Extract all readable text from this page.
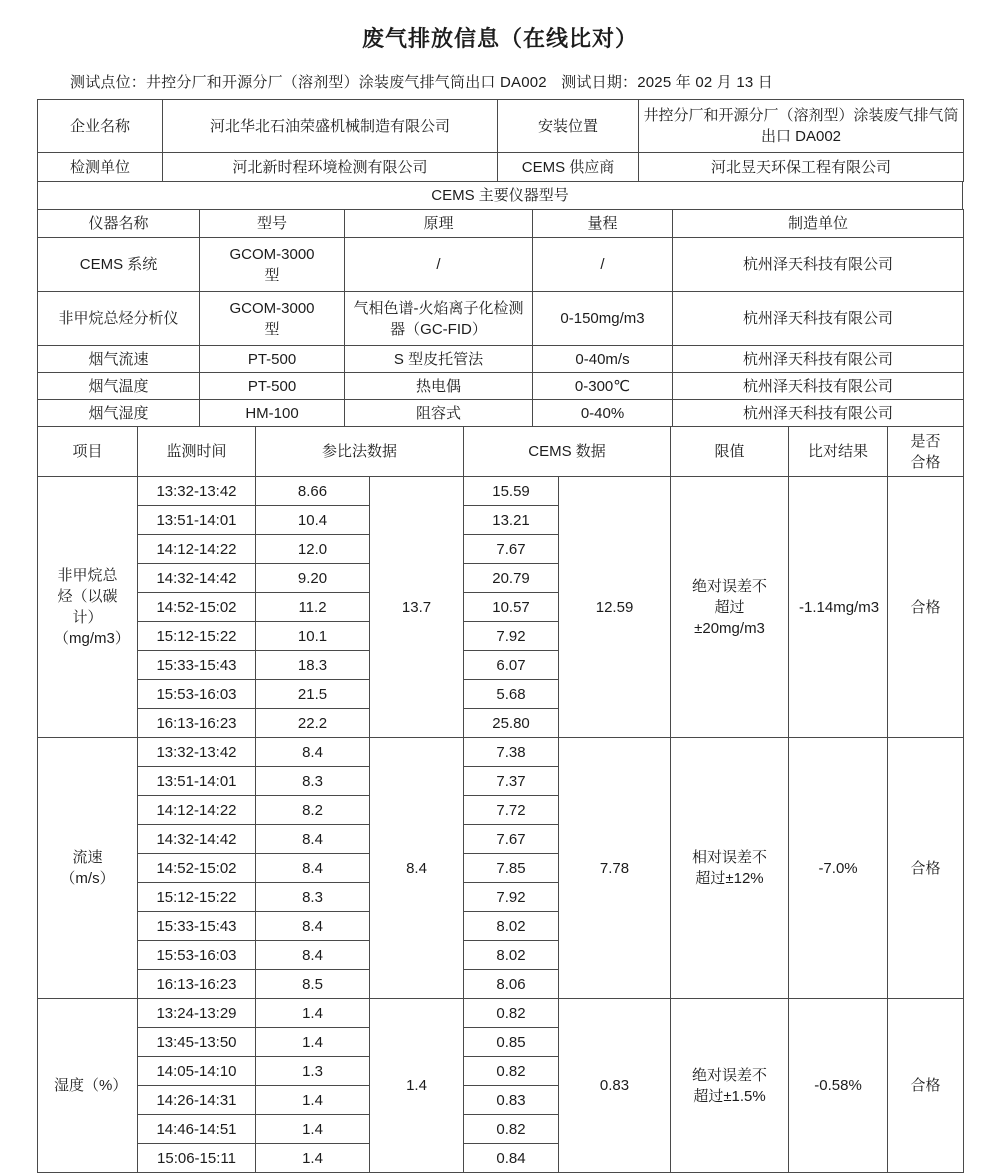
废气排放信息（在线比对）
测试点位：井控分厂和开源分厂（溶剂型）涂装废气排气筒出口 DA002 测试日期：2025 年 02 月 13 日
企业名称	河北华北石油荣盛机械制造有限公司	安装位置	井控分厂和开源分厂（溶剂型）涂装废气排气筒出口 DA002
检测单位	河北新时程环境检测有限公司	CEMS 供应商	河北昱天环保工程有限公司
CEMS 主要仪器型号
仪器名称	型号	原理	量程	制造单位
CEMS 系统	GCOM-3000 型	/	/	杭州泽天科技有限公司
非甲烷总烃分析仪	GCOM-3000 型	气相色谱-火焰离子化检测器（GC-FID）	0-150mg/m3	杭州泽天科技有限公司
烟气流速	PT-500	S 型皮托管法	0-40m/s	杭州泽天科技有限公司
烟气温度	PT-500	热电偶	0-300℃	杭州泽天科技有限公司
烟气湿度	HM-100	阻容式	0-40%	杭州泽天科技有限公司
项目	监测时间	参比法数据		CEMS 数据		限值	比对结果	是否合格
非甲烷总烃（以碳计）（mg/m3）	13:32-13:42	8.66	13.7	15.59	12.59	绝对误差不超过±20mg/m3	-1.14mg/m3	合格
	13:51-14:01	10.4		13.21				
	14:12-14:22	12.0		7.67				
	14:32-14:42	9.20		20.79				
	14:52-15:02	11.2		10.57				
	15:12-15:22	10.1		7.92				
	15:33-15:43	18.3		6.07				
	15:53-16:03	21.5		5.68				
	16:13-16:23	22.2		25.80				
流速（m/s）	13:32-13:42	8.4	8.4	7.38	7.78	相对误差不超过±12%	-7.0%	合格
	13:51-14:01	8.3		7.37				
	14:12-14:22	8.2		7.72				
	14:32-14:42	8.4		7.67				
	14:52-15:02	8.4		7.85				
	15:12-15:22	8.3		7.92				
	15:33-15:43	8.4		8.02				
	15:53-16:03	8.4		8.02				
	16:13-16:23	8.5		8.06				
湿度（%）	13:24-13:29	1.4	1.4	0.82	0.83	绝对误差不超过±1.5%	-0.58%	合格
	13:45-13:50	1.4		0.85				
	14:05-14:10	1.3		0.82				
	14:26-14:31	1.4		0.83				
	14:46-14:51	1.4		0.82				
	15:06-15:11	1.4		0.84				
